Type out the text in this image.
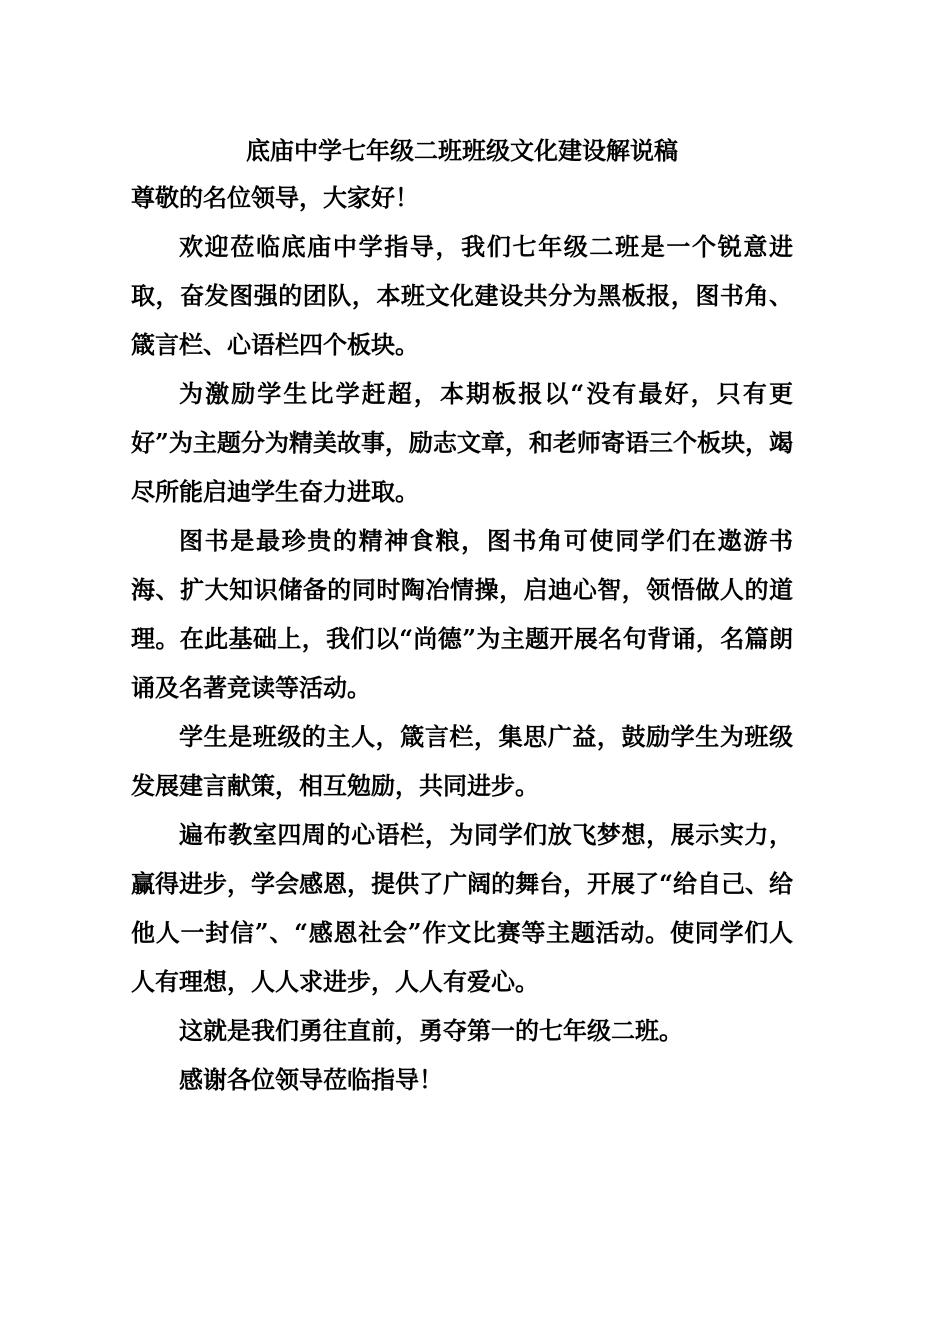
底庙中学七年级二班班级文化建设解说稿

尊敬的名位领导，大家好！

欢迎莅临底庙中学指导，我们七年级二班是一个锐意进取，奋发图强的团队，本班文化建设共分为黑板报，图书角、箴言栏、心语栏四个板块。

为激励学生比学赶超，本期板报以“没有最好，只有更好”为主题分为精美故事，励志文章，和老师寄语三个板块，竭尽所能启迪学生奋力进取。

图书是最珍贵的精神食粮，图书角可使同学们在遨游书海、扩大知识储备的同时陶冶情操，启迪心智，领悟做人的道理。在此基础上，我们以“尚德”为主题开展名句背诵，名篇朗诵及名著竞读等活动。

学生是班级的主人，箴言栏，集思广益，鼓励学生为班级发展建言献策，相互勉励，共同进步。

遍布教室四周的心语栏，为同学们放飞梦想，展示实力，赢得进步，学会感恩，提供了广阔的舞台，开展了“给自己、给他人一封信”、“感恩社会”作文比赛等主题活动。使同学们人人有理想，人人求进步，人人有爱心。

这就是我们勇往直前，勇夺第一的七年级二班。

感谢各位领导莅临指导！
